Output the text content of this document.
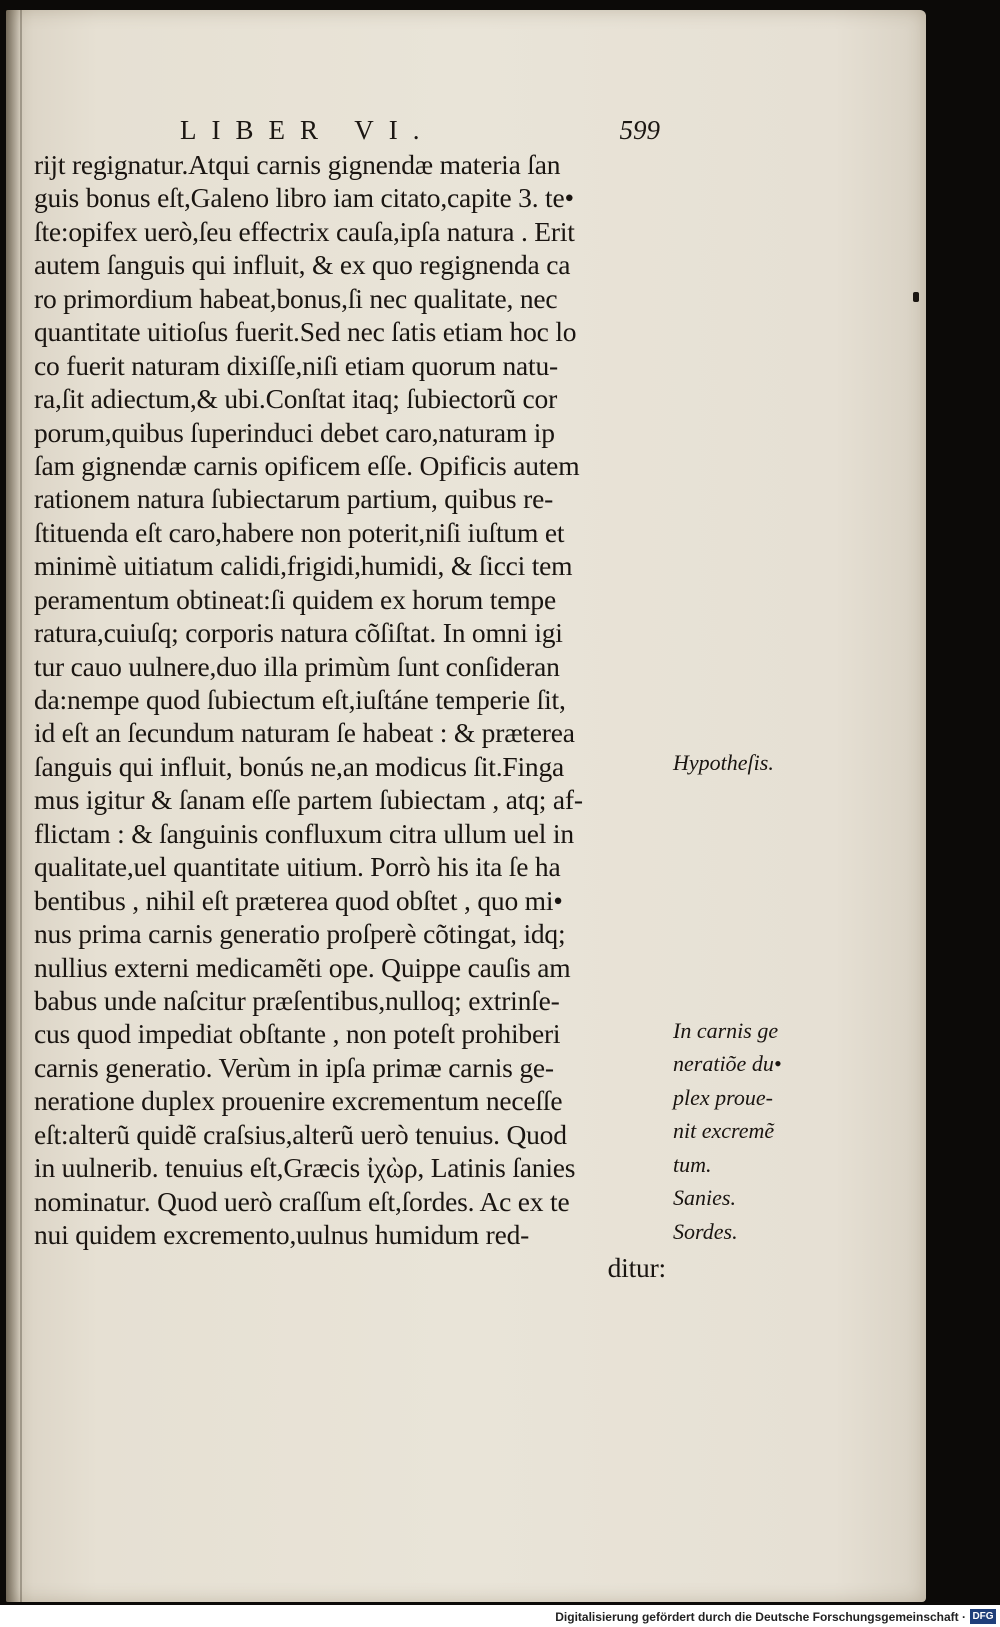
LIBER VI.	599
rijt regignatur.Atqui carnis gignendæ materia ſan
guis bonus eſt,Galeno libro iam citato,capite 3. te•
ſte:opifex uerò,ſeu effectrix cauſa,ipſa natura . Erit
autem ſanguis qui influit, & ex quo regignenda ca
ro primordium habeat,bonus,ſi nec qualitate, nec
quantitate uitioſus fuerit.Sed nec ſatis etiam hoc lo
co fuerit naturam dixiſſe,niſi etiam quorum natu-
ra,ſit adiectum,& ubi.Conſtat itaq; ſubiectorũ cor
porum,quibus ſuperinduci debet caro,naturam ip
ſam gignendæ carnis opificem eſſe. Opificis autem
rationem natura ſubiectarum partium, quibus re-
ſtituenda eſt caro,habere non poterit,niſi iuſtum et
minimè uitiatum calidi,frigidi,humidi, & ſicci tem
peramentum obtineat:ſi quidem ex horum tempe
ratura,cuiuſq; corporis natura cõſiſtat. In omni igi
tur cauo uulnere,duo illa primùm ſunt conſideran
da:nempe quod ſubiectum eſt,iuſtáne temperie ſit,
id eſt an ſecundum naturam ſe habeat : & præterea
ſanguis qui influit, bonús ne,an modicus ſit.Finga
mus igitur & ſanam eſſe partem ſubiectam , atq; af-
flictam : & ſanguinis confluxum citra ullum uel in
qualitate,uel quantitate uitium. Porrò his ita ſe ha
bentibus , nihil eſt præterea quod obſtet , quo mi•
nus prima carnis generatio proſperè cõtingat, idq;
nullius externi medicamẽti ope. Quippe cauſis am
babus unde naſcitur præſentibus,nulloq; extrinſe-
cus quod impediat obſtante , non poteſt prohiberi
carnis generatio. Verùm in ipſa primæ carnis ge-
neratione duplex prouenire excrementum neceſſe
eſt:alterũ quidẽ craſsius,alterũ uerò tenuius. Quod
in uulnerib. tenuius eſt,Græcis ἰχὼρ, Latinis ſanies
nominatur. Quod uerò craſſum eſt,ſordes. Ac ex te
nui quidem excremento,uulnus humidum red-
ditur:
Hypotheſis.
In carnis ge
neratiõe du•
plex proue-
nit excremẽ
tum.
Sanies.
Sordes.
Digitalisierung gefördert durch die Deutsche Forschungsgemeinschaft · DFG
